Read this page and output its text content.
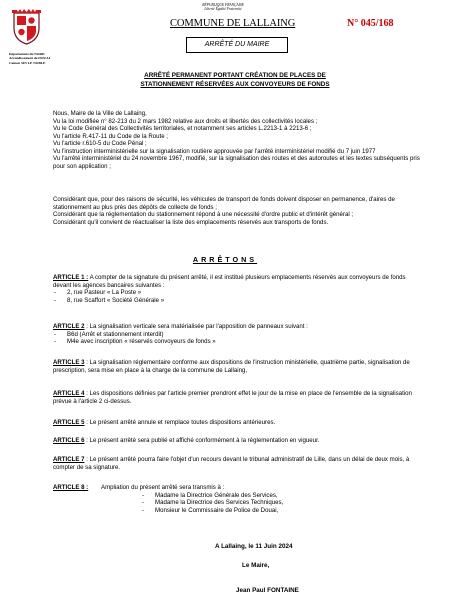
RÉPUBLIQUE FRANÇAISE
Liberté Égalité Fraternité
Département du NORD
Arrondissement de DOUAI
Canton SIN LE NOBLE
COMMUNE DE LALLAING	N° 045/168
ARRÊTÉ DU MAIRE
ARRÊTÉ PERMANENT PORTANT CRÉATION DE PLACES DE
STATIONNEMENT RÉSERVÉES AUX CONVOYEURS DE FONDS
Nous, Maire de la Ville de Lallaing,
Vu la loi modifiée n° 82-213 du 2 mars 1982 relative aux droits et libertés des collectivités locales ;
Vu le Code Général des Collectivités territoriales, et notamment ses articles L.2213-1 à 2213-6 ;
Vu l'article R.417-11 du Code de la Route ;
Vu l'article r.610-5 du Code Pénal ;
Vu l'instruction interministérielle sur la signalisation routière approuvée par l'arrêté interministériel modifié du 7 juin 1977
Vu l'arrêté interministériel du 24 novembre 1967, modifié, sur la signalisation des routes et des autoroutes et les textes subséquents pris pour son application ;
Considérant que, pour des raisons de sécurité, les véhicules de transport de fonds doivent disposer en permanence, d'aires de stationnement au plus près des dépôts de collecte de fonds ;
Considérant que la réglementation du stationnement répond à une nécessité d'ordre public et d'intérêt général ;
Considérant qu'il convient de réactualiser la liste des emplacements réservés aux transports de fonds.
ARRÊTONS
ARTICLE 1 : A compter de la signature du présent arrêté, il est institué plusieurs emplacements réservés aux convoyeurs de fonds devant les agences bancaires suivantes :
- 2, rue Pasteur « La Poste »
- 8, rue Scaffort « Société Générale »
ARTICLE 2 : La signalisation verticale sera matérialisée par l'apposition de panneaux suivant :
- B6d (Arrêt et stationnement interdit)
- M4e avec inscription « réservés convoyeurs de fonds »
ARTICLE 3 : La signalisation réglementaire conforme aux dispositions de l'instruction ministérielle, quatrième partie, signalisation de prescription, sera mise en place à la charge de la commune de Lallaing,
ARTICLE 4 : Les dispositions définies par l'article premier prendront effet le jour de la mise en place de l'ensemble de la signalisation prévue à l'article 2 ci-dessus.
ARTICLE 5 : Le présent arrêté annule et remplace toutes dispositions antérieures.
ARTICLE 6 : Le présent arrêté sera publié et affiché conformément à la réglementation en vigueur.
ARTICLE 7 : Le présent arrêté pourra faire l'objet d'un recours devant le tribunal administratif de Lille, dans un délai de deux mois, à compter de sa signature.
ARTICLE 8 : Ampliation du présent arrêté sera transmis à :
- Madame la Directrice Générale des Services,
- Madame la Directrice des Services Techniques,
- Monsieur le Commissaire de Police de Douai,
A Lallaing, le 11 Juin 2024
Le Maire,
Jean Paul FONTAINE
